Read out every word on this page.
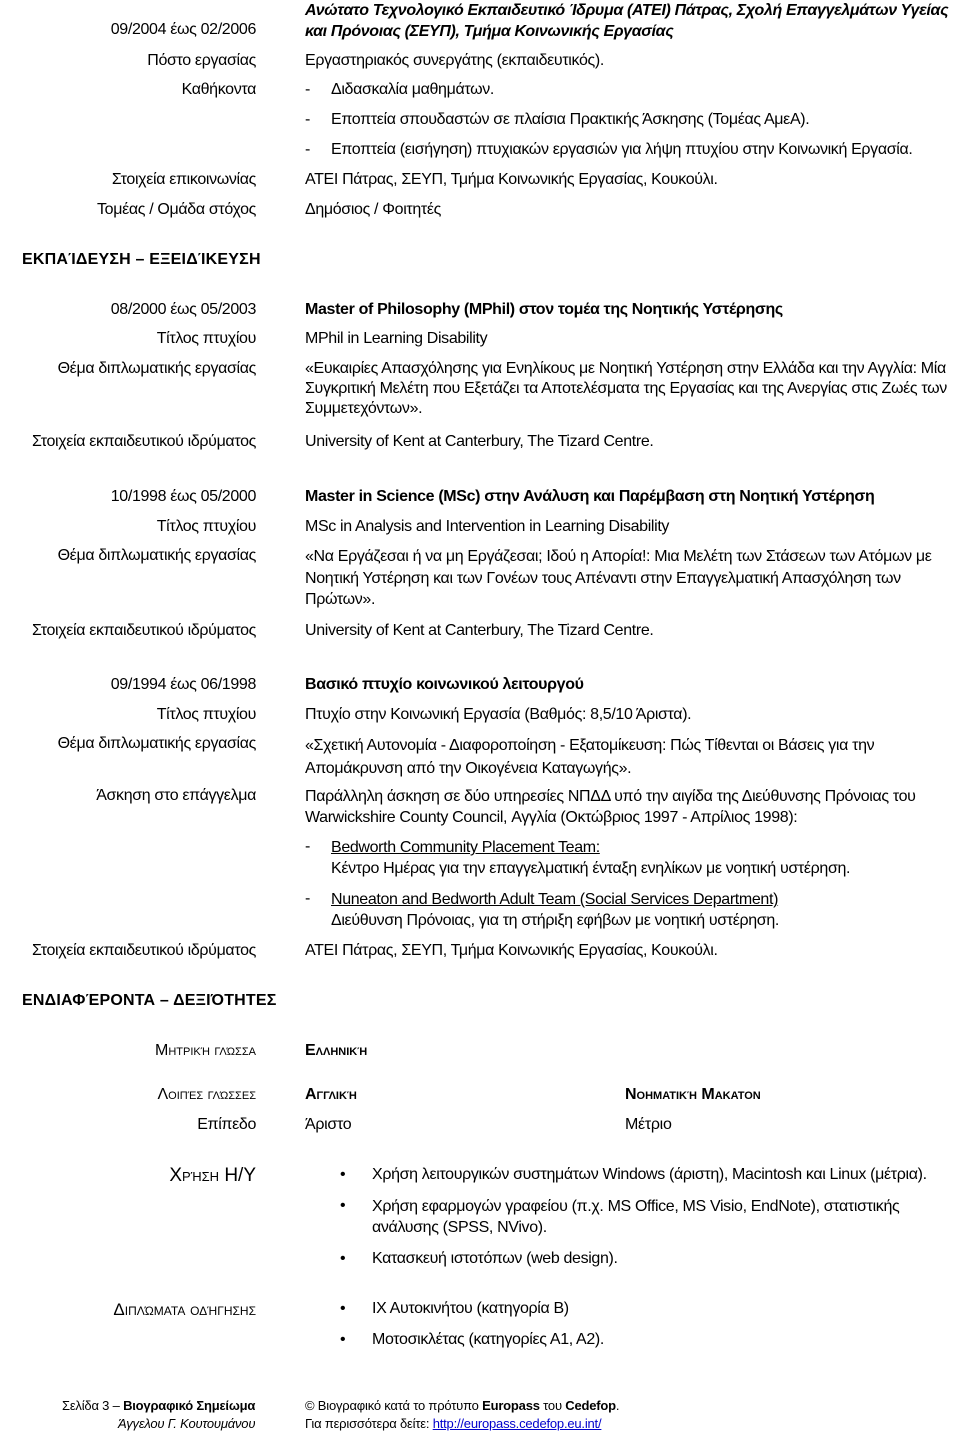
09/2004 έως 02/2006
Ανώτατο Τεχνολογικό Εκπαιδευτικό Ίδρυμα (ΑΤΕΙ) Πάτρας, Σχολή Επαγγελμάτων Υγείας
και Πρόνοιας (ΣΕΥΠ), Τμήμα Κοινωνικής Εργασίας
Πόστο εργασίας	Εργαστηριακός συνεργάτης (εκπαιδευτικός).
Καθήκοντα	- Διδασκαλία μαθημάτων.
- Εποπτεία σπουδαστών σε πλαίσια Πρακτικής Άσκησης (Τομέας ΑμεΑ).
- Εποπτεία (εισήγηση) πτυχιακών εργασιών για λήψη πτυχίου στην Κοινωνική Εργασία.
Στοιχεία επικοινωνίας	ΑΤΕΙ Πάτρας, ΣΕΥΠ, Τμήμα Κοινωνικής Εργασίας, Κουκούλι.
Τομέας / Ομάδα στόχος	Δημόσιος / Φοιτητές
ΕΚΠΑΊΔΕΥΣΗ – ΕΞΕΙΔΊΚΕΥΣΗ
08/2000 έως 05/2003	Master of Philosophy (MPhil) στον τομέα της Νοητικής Υστέρησης
Τίτλος πτυχίου	MPhil in Learning Disability
Θέμα διπλωματικής εργασίας	«Ευκαιρίες Απασχόλησης για Ενηλίκους με Νοητική Υστέρηση στην Ελλάδα και την Αγγλία: Μία Συγκριτική Μελέτη που Εξετάζει τα Αποτελέσματα της Εργασίας και της Ανεργίας στις Ζωές των Συμμετεχόντων».
Στοιχεία εκπαιδευτικού ιδρύματος	University of Kent at Canterbury, The Tizard Centre.
10/1998 έως 05/2000	Master in Science (MSc) στην Ανάλυση και Παρέμβαση στη Νοητική Υστέρηση
Τίτλος πτυχίου	MSc in Analysis and Intervention in Learning Disability
Θέμα διπλωματικής εργασίας	«Να Εργάζεσαι ή να μη Εργάζεσαι; Ιδού η Απορία!: Μια Μελέτη των Στάσεων των Ατόμων με Νοητική Υστέρηση και των Γονέων τους Απέναντι στην Επαγγελματική Απασχόληση των Πρώτων».
Στοιχεία εκπαιδευτικού ιδρύματος	University of Kent at Canterbury, The Tizard Centre.
09/1994 έως 06/1998	Βασικό πτυχίο κοινωνικού λειτουργού
Τίτλος πτυχίου	Πτυχίο στην Κοινωνική Εργασία (Βαθμός: 8,5/10 Άριστα).
Θέμα διπλωματικής εργασίας	«Σχετική Αυτονομία - Διαφοροποίηση - Εξατομίκευση: Πώς Τίθενται οι Βάσεις για την Απομάκρυνση από την Οικογένεια Καταγωγής».
Άσκηση στο επάγγελμα	Παράλληλη άσκηση σε δύο υπηρεσίες ΝΠΔΔ υπό την αιγίδα της Διεύθυνσης Πρόνοιας του Warwickshire County Council, Αγγλία (Οκτώβριος 1997 - Απρίλιος 1998):
- Bedworth Community Placement Team:
Κέντρο Ημέρας για την επαγγελματική ένταξη ενηλίκων με νοητική υστέρηση.
- Nuneaton and Bedworth Adult Team (Social Services Department)
Διεύθυνση Πρόνοιας, για τη στήριξη εφήβων με νοητική υστέρηση.
Στοιχεία εκπαιδευτικού ιδρύματος	ΑΤΕΙ Πάτρας, ΣΕΥΠ, Τμήμα Κοινωνικής Εργασίας, Κουκούλι.
ΕΝΔΙΑΦΈΡΟΝΤΑ – ΔΕΞΙΌΤΗΤΕΣ
Μητρική γλώσσα	Ελληνική
Λοιπές γλώσσες	Αγγλική	Νοηματική Makaton
Επίπεδο	Άριστο	Μέτριο
Χρήση Η/Υ	• Χρήση λειτουργικών συστημάτων Windows (άριστη), Macintosh και Linux (μέτρια).
• Χρήση εφαρμογών γραφείου (π.χ. MS Office, MS Visio, EndNote), στατιστικής ανάλυσης (SPSS, NVivo).
• Κατασκευή ιστοτόπων (web design).
Διπλώματα οδήγησης	• ΙΧ Αυτοκινήτου (κατηγορία Β)
• Μοτοσικλέτας (κατηγορίες Α1, Α2).
Σελίδα 3 – Βιογραφικό Σημείωμα
Άγγελου Γ. Κουτουμάνου
© Βιογραφικό κατά το πρότυπο Europass του Cedefop.
Για περισσότερα δείτε: http://europass.cedefop.eu.int/
